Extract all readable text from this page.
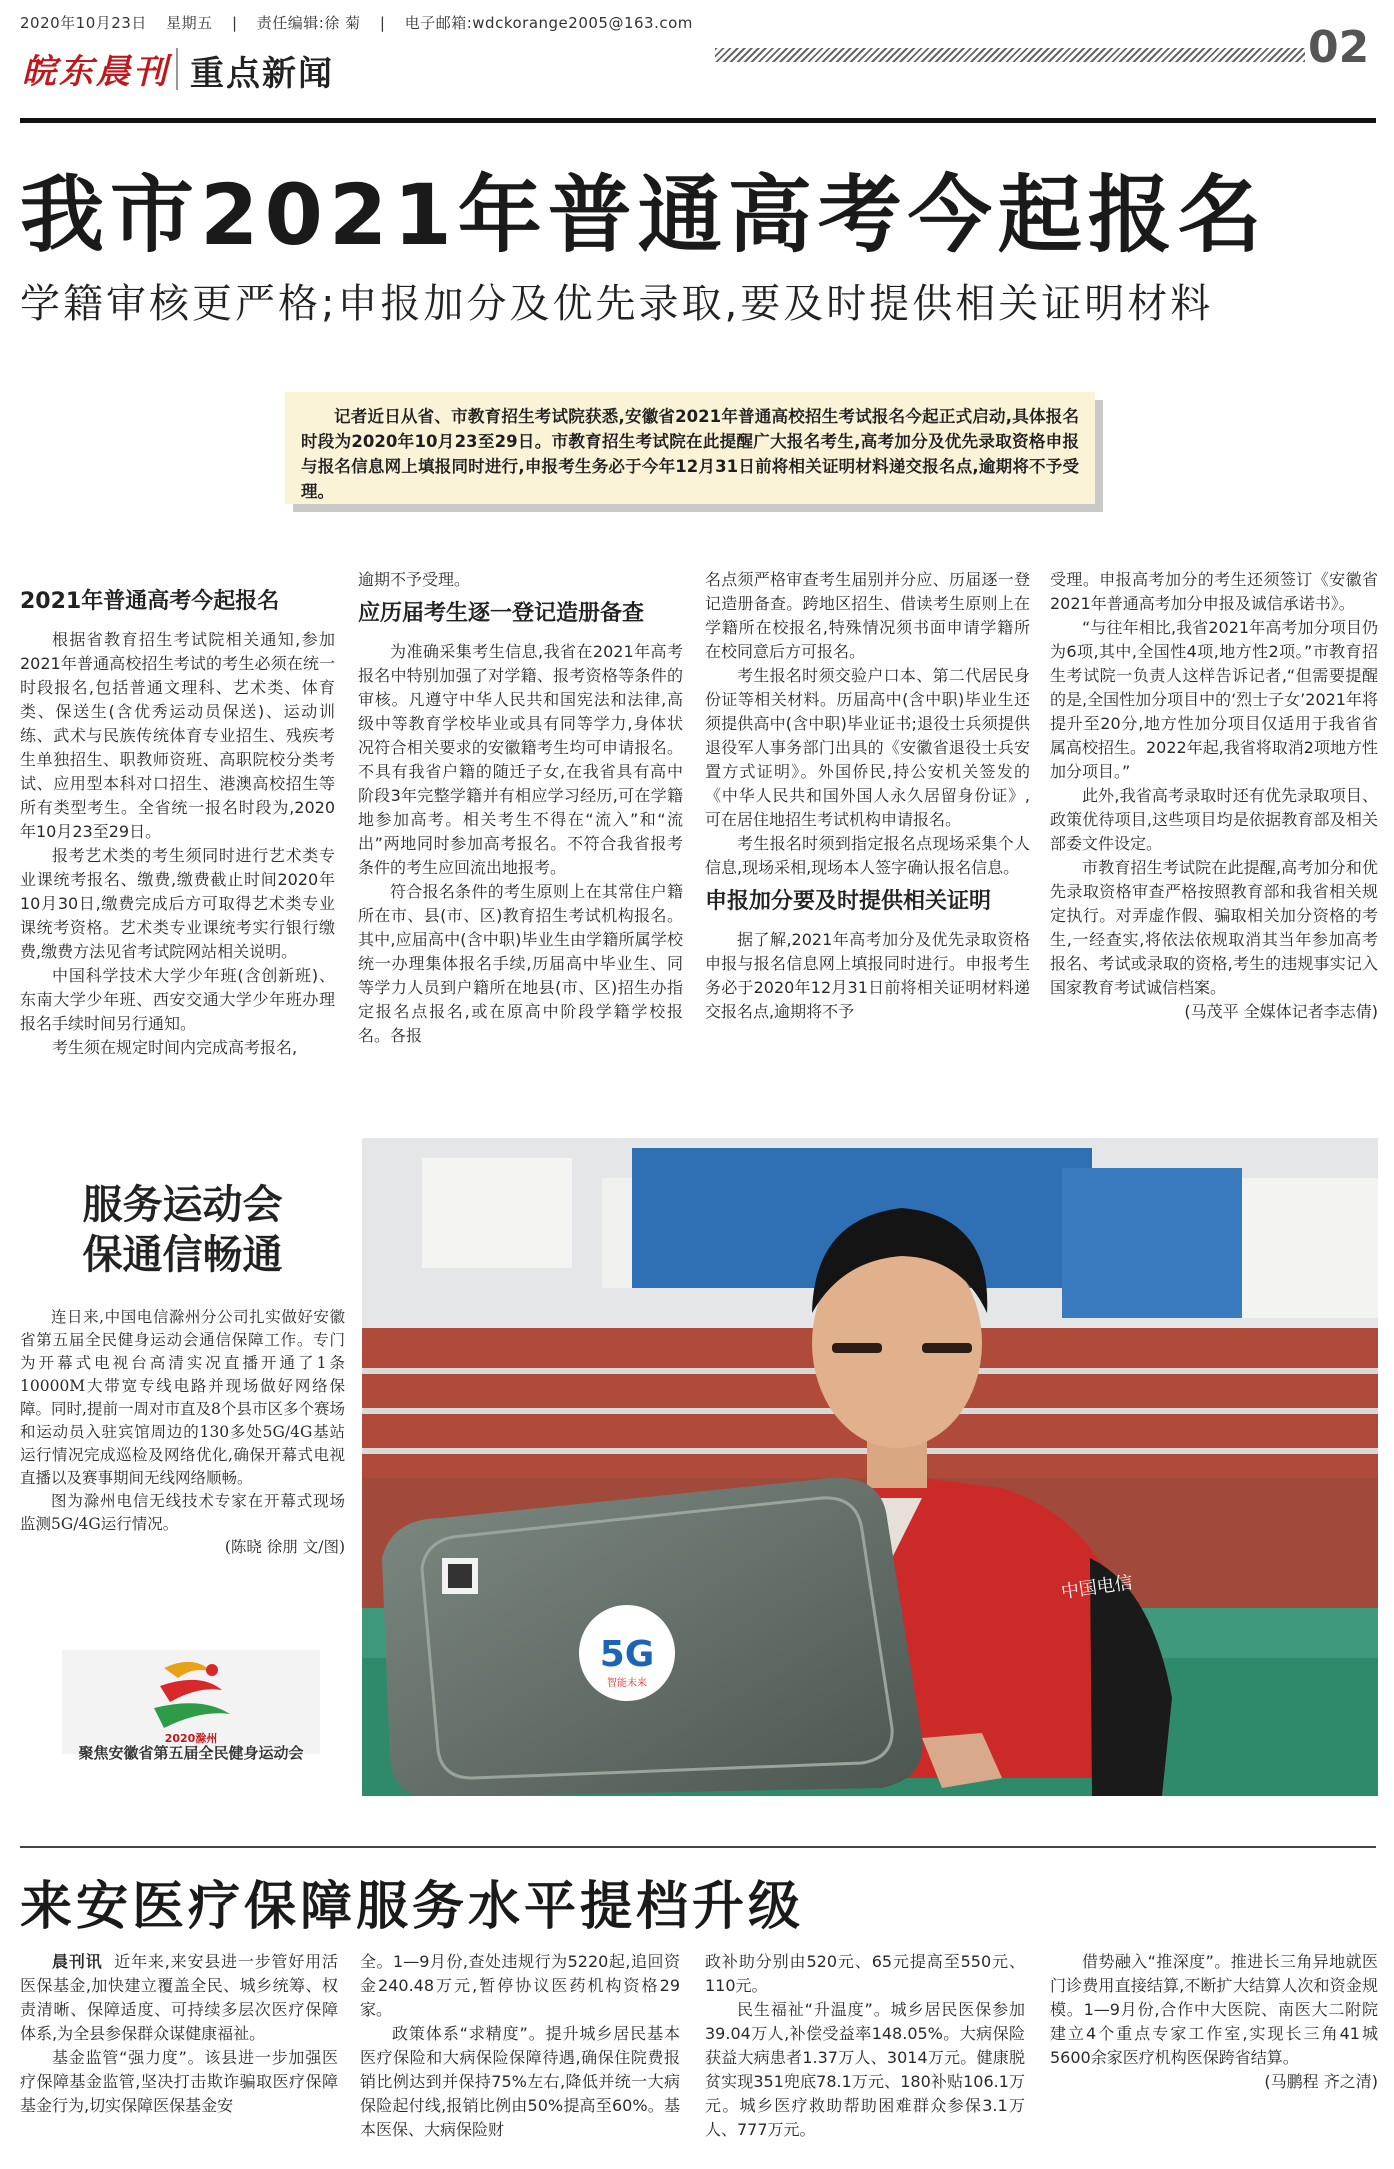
2020年10月23日 星期五 | 责任编辑:徐 菊 | 电子邮箱:wdckorange2005@163.com	02
皖东晨刊 重点新闻
我市2021年普通高考今起报名
学籍审核更严格;申报加分及优先录取,要及时提供相关证明材料
记者近日从省、市教育招生考试院获悉,安徽省2021年普通高校招生考试报名今起正式启动,具体报名时段为2020年10月23至29日。市教育招生考试院在此提醒广大报名考生,高考加分及优先录取资格申报与报名信息网上填报同时进行,申报考生务必于今年12月31日前将相关证明材料递交报名点,逾期将不予受理。
2021年普通高考今起报名

根据省教育招生考试院相关通知,参加2021年普通高校招生考试的考生必须在统一时段报名,包括普通文理科、艺术类、体育类、保送生(含优秀运动员保送)、运动训练、武术与民族传统体育专业招生、残疾考生单独招生、职教师资班、高职院校分类考试、应用型本科对口招生、港澳高校招生等所有类型考生。全省统一报名时段为,2020年10月23至29日。

报考艺术类的考生须同时进行艺术类专业课统考报名、缴费,缴费截止时间2020年10月30日,缴费完成后方可取得艺术类专业课统考资格。艺术类专业课统考实行银行缴费,缴费方法见省考试院网站相关说明。

中国科学技术大学少年班(含创新班)、东南大学少年班、西安交通大学少年班办理报名手续时间另行通知。

考生须在规定时间内完成高考报名,

逾期不予受理。

应历届考生逐一登记造册备查

为准确采集考生信息,我省在2021年高考报名中特别加强了对学籍、报考资格等条件的审核。凡遵守中华人民共和国宪法和法律,高级中等教育学校毕业或具有同等学力,身体状况符合相关要求的安徽籍考生均可申请报名。不具有我省户籍的随迁子女,在我省具有高中阶段3年完整学籍并有相应学习经历,可在学籍地参加高考。相关考生不得在“流入”和“流出”两地同时参加高考报名。不符合我省报考条件的考生应回流出地报考。

符合报名条件的考生原则上在其常住户籍所在市、县(市、区)教育招生考试机构报名。其中,应届高中(含中职)毕业生由学籍所属学校统一办理集体报名手续,历届高中毕业生、同等学力人员到户籍所在地县(市、区)招生办指定报名点报名,或在原高中阶段学籍学校报名。各报

名点须严格审查考生届别并分应、历届逐一登记造册备查。跨地区招生、借读考生原则上在学籍所在校报名,特殊情况须书面申请学籍所在校同意后方可报名。

考生报名时须交验户口本、第二代居民身份证等相关材料。历届高中(含中职)毕业生还须提供高中(含中职)毕业证书;退役士兵须提供退役军人事务部门出具的《安徽省退役士兵安置方式证明》。外国侨民,持公安机关签发的《中华人民共和国外国人永久居留身份证》,可在居住地招生考试机构申请报名。

考生报名时须到指定报名点现场采集个人信息,现场采相,现场本人签字确认报名信息。

申报加分要及时提供相关证明

据了解,2021年高考加分及优先录取资格申报与报名信息网上填报同时进行。申报考生务必于2020年12月31日前将相关证明材料递交报名点,逾期将不予

受理。申报高考加分的考生还须签订《安徽省2021年普通高考加分申报及诚信承诺书》。

“与往年相比,我省2021年高考加分项目仍为6项,其中,全国性4项,地方性2项。”市教育招生考试院一负责人这样告诉记者,“但需要提醒的是,全国性加分项目中的‘烈士子女’2021年将提升至20分,地方性加分项目仅适用于我省省属高校招生。2022年起,我省将取消2项地方性加分项目。”

此外,我省高考录取时还有优先录取项目、政策优待项目,这些项目均是依据教育部及相关部委文件设定。

市教育招生考试院在此提醒,高考加分和优先录取资格审查严格按照教育部和我省相关规定执行。对弄虚作假、骗取相关加分资格的考生,一经查实,将依法依规取消其当年参加高考报名、考试或录取的资格,考生的违规事实记入国家教育考试诚信档案。

(马茂平 全媒体记者李志倩)

服务运动会
保通信畅通

连日来,中国电信滁州分公司扎实做好安徽省第五届全民健身运动会通信保障工作。专门为开幕式电视台高清实况直播开通了1条10000M大带宽专线电路并现场做好网络保障。同时,提前一周对市直及8个县市区多个赛场和运动员入驻宾馆周边的130多处5G/4G基站运行情况完成巡检及网络优化,确保开幕式电视直播以及赛事期间无线网络顺畅。

图为滁州电信无线技术专家在开幕式现场监测5G/4G运行情况。

(陈晓 徐朋 文/图)

2020滁州
聚焦安徽省第五届全民健身运动会
中国电信
5G
智能未来
来安医疗保障服务水平提档升级

晨刊讯 近年来,来安县进一步管好用活医保基金,加快建立覆盖全民、城乡统筹、权责清晰、保障适度、可持续多层次医疗保障体系,为全县参保群众谋健康福祉。

基金监管“强力度”。该县进一步加强医疗保障基金监管,坚决打击欺诈骗取医疗保障基金行为,切实保障医保基金安

全。1—9月份,查处违规行为5220起,追回资金240.48万元,暂停协议医药机构资格29家。

政策体系“求精度”。提升城乡居民基本医疗保险和大病保险保障待遇,确保住院费报销比例达到并保持75%左右,降低并统一大病保险起付线,报销比例由50%提高至60%。基本医保、大病保险财

政补助分别由520元、65元提高至550元、110元。

民生福祉“升温度”。城乡居民医保参加39.04万人,补偿受益率148.05%。大病保险获益大病患者1.37万人、3014万元。健康脱贫实现351兜底78.1万元、180补贴106.1万元。城乡医疗救助帮助困难群众参保3.1万人、777万元。

借势融入“推深度”。推进长三角异地就医门诊费用直接结算,不断扩大结算人次和资金规模。1—9月份,合作中大医院、南医大二附院建立4个重点专家工作室,实现长三角41城5600余家医疗机构医保跨省结算。

(马鹏程 齐之清)
